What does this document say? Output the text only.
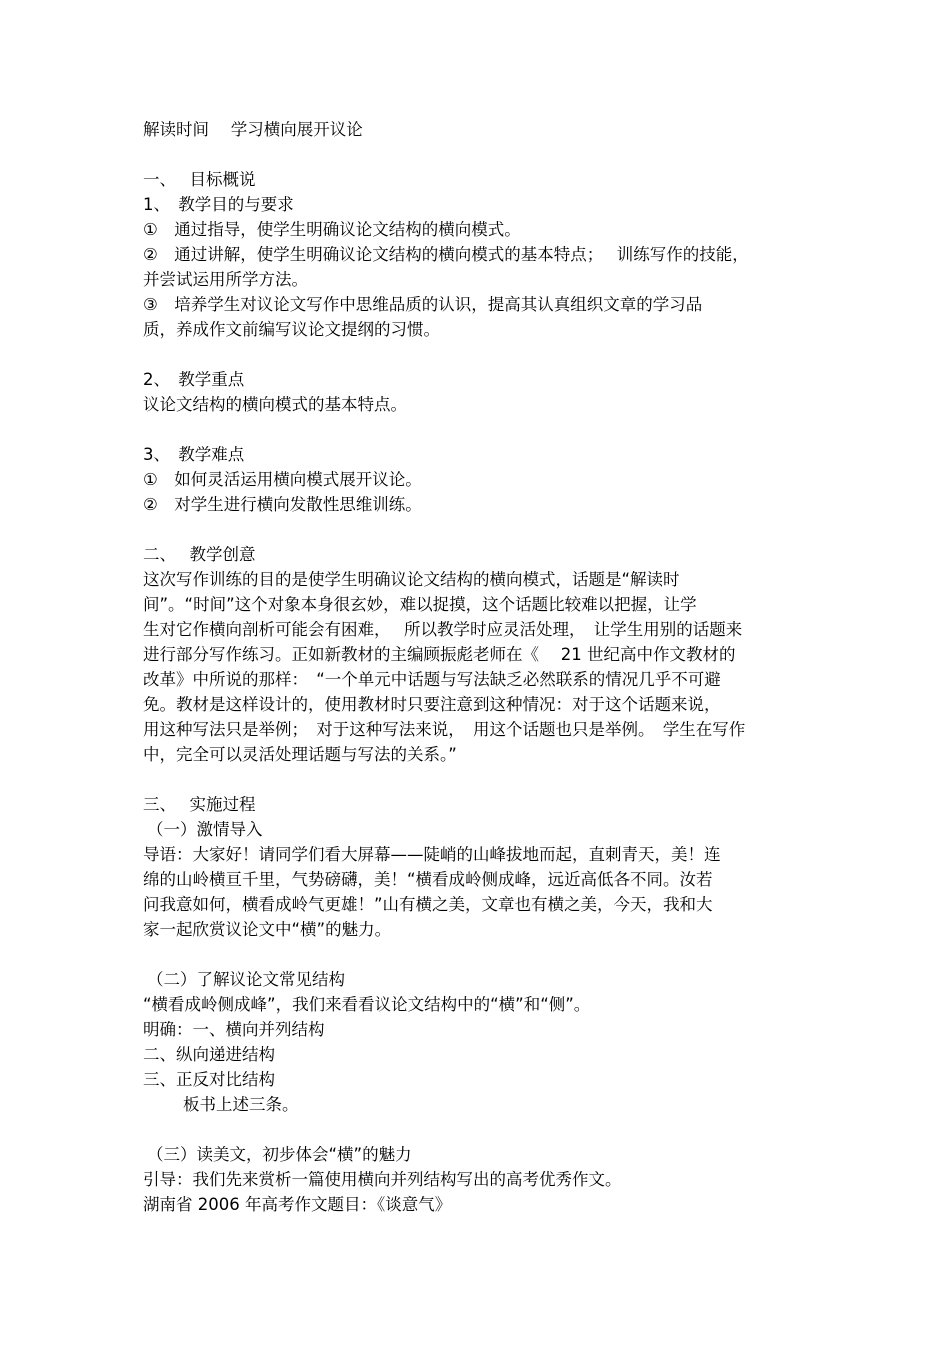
解读时间　 学习横向展开议论

一、　 目标概说

1、　教学目的与要求

①　通过指导，使学生明确议论文结构的横向模式。

②　通过讲解，使学生明确议论文结构的横向模式的基本特点；　 训练写作的技能，

并尝试运用所学方法。

③　培养学生对议论文写作中思维品质的认识，提高其认真组织文章的学习品

质，养成作文前编写议论文提纲的习惯。

2、　教学重点

议论文结构的横向模式的基本特点。

3、　教学难点

①　如何灵活运用横向模式展开议论。

②　对学生进行横向发散性思维训练。

二、　 教学创意

这次写作训练的目的是使学生明确议论文结构的横向模式，话题是“解读时

间”。“时间”这个对象本身很玄妙，难以捉摸，这个话题比较难以把握，让学

生对它作横向剖析可能会有困难，　 所以教学时应灵活处理，　让学生用别的话题来

进行部分写作练习。正如新教材的主编顾振彪老师在《　 21 世纪高中作文教材的

改革》中所说的那样：　“一个单元中话题与写法缺乏必然联系的情况几乎不可避

免。教材是这样设计的，使用教材时只要注意到这种情况：对于这个话题来说，

用这种写法只是举例；　对于这种写法来说，　用这个话题也只是举例。　学生在写作

中，完全可以灵活处理话题与写法的关系。”

三、　 实施过程

（一）激情导入

导语：大家好！请同学们看大屏幕——陡峭的山峰拔地而起，直刺青天，美！连

绵的山岭横亘千里，气势磅礴，美！“横看成岭侧成峰，远近高低各不同。汝若

问我意如何，横看成岭气更雄！”山有横之美，文章也有横之美，今天，我和大

家一起欣赏议论文中“横”的魅力。

（二）了解议论文常见结构

“横看成岭侧成峰”，我们来看看议论文结构中的“横”和“侧”。

明确：一、横向并列结构

二、纵向递进结构

三、正反对比结构

板书上述三条。

（三）读美文，初步体会“横”的魅力

引导：我们先来赏析一篇使用横向并列结构写出的高考优秀作文。

湖南省 2006 年高考作文题目：《谈意气》
